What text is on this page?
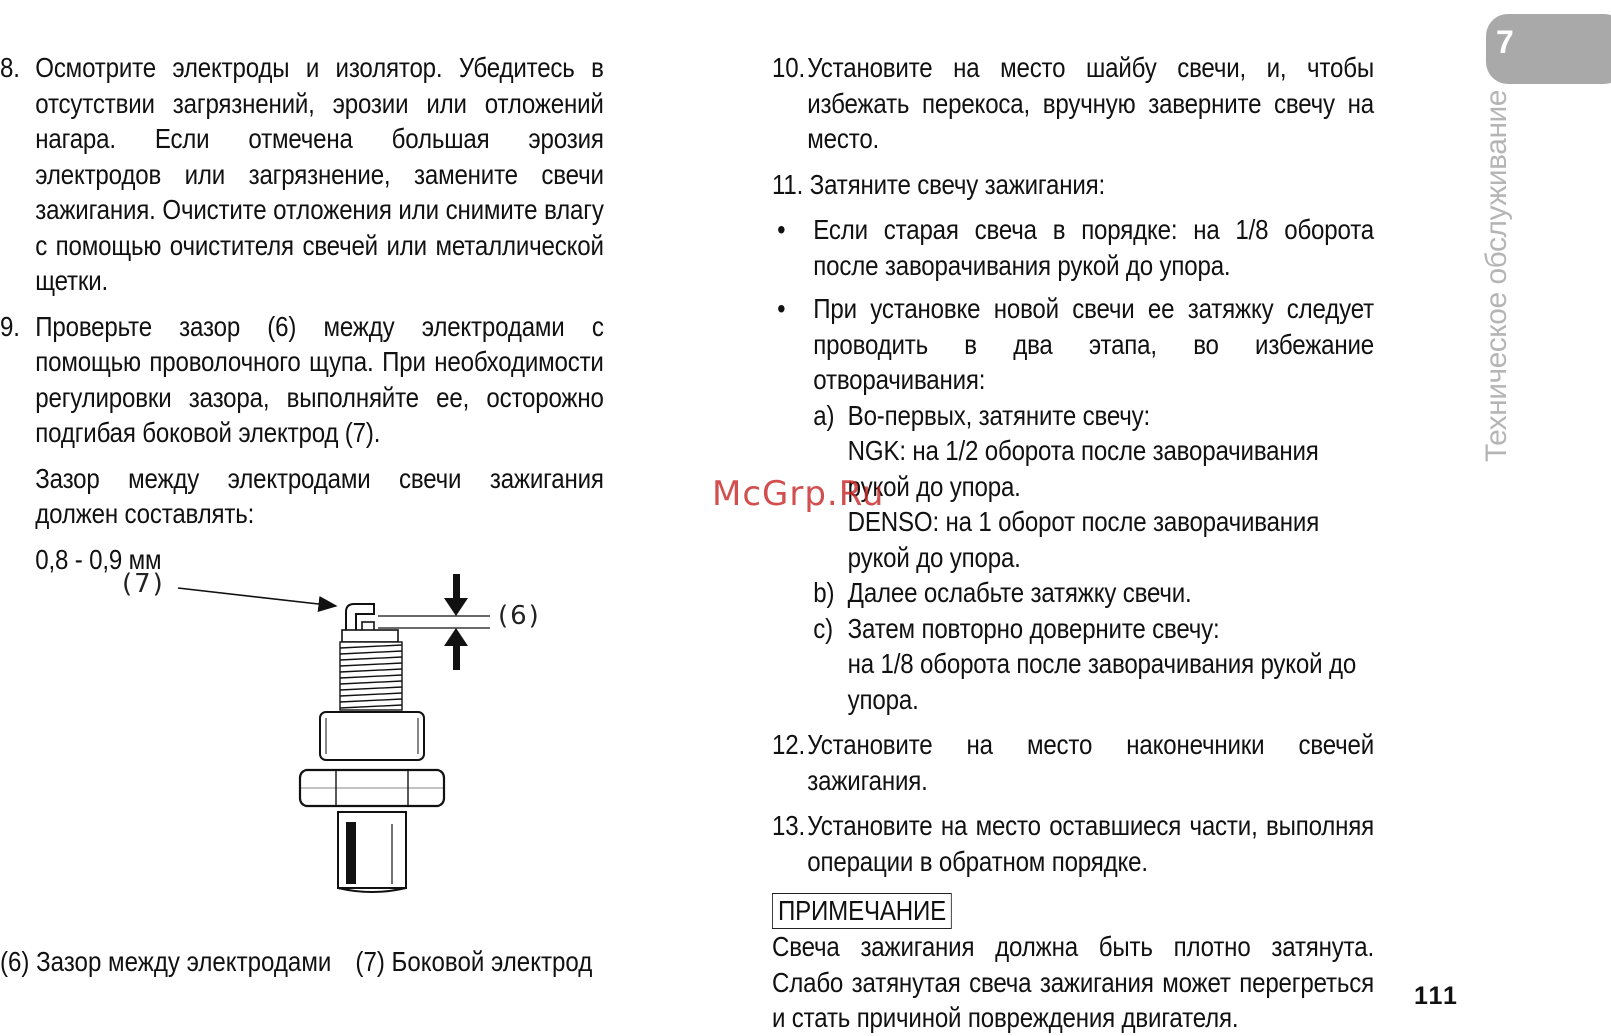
7
Техническое обслуживание
8. Осмотрите электроды и изолятор. Убедитесь в отсутствии загрязнений, эрозии или отложений нагара. Если отмечена большая эрозия электродов или загрязнение, замените свечи зажигания. Очистите отложения или снимите влагу с помощью очистителя свечей или металлической щетки.
9. Проверьте зазор (6) между электродами с помощью проволочного щупа. При необходимости регулировки зазора, выполняйте ее, осторожно подгибая боковой электрод (7).
Зазор между электродами свечи зажигания должен составлять:
0,8 - 0,9 мм
(7)
(6)
(6) Зазор между электродами (7) Боковой электрод
10. Установите на место шайбу свечи, и, чтобы избежать перекоса, вручную заверните свечу на место.
11. Затяните свечу зажигания:
• Если старая свеча в порядке: на 1/8 оборота после заворачивания рукой до упора.
• При установке новой свечи ее затяжку следует проводить в два этапа, во избежание отворачивания:
a) Во-первых, затяните свечу:
NGK: на 1/2 оборота после заворачивания рукой до упора.
DENSO: на 1 оборот после заворачивания рукой до упора.
b) Далее ослабьте затяжку свечи.
c) Затем повторно доверните свечу:
на 1/8 оборота после заворачивания рукой до упора.
12. Установите на место наконечники свечей зажигания.
13. Установите на место оставшиеся части, выполняя операции в обратном порядке.
ПРИМЕЧАНИЕ
Свеча зажигания должна быть плотно затянута. Слабо затянутая свеча зажигания может перегреться и стать причиной повреждения двигателя.
McGrp.Ru
111
